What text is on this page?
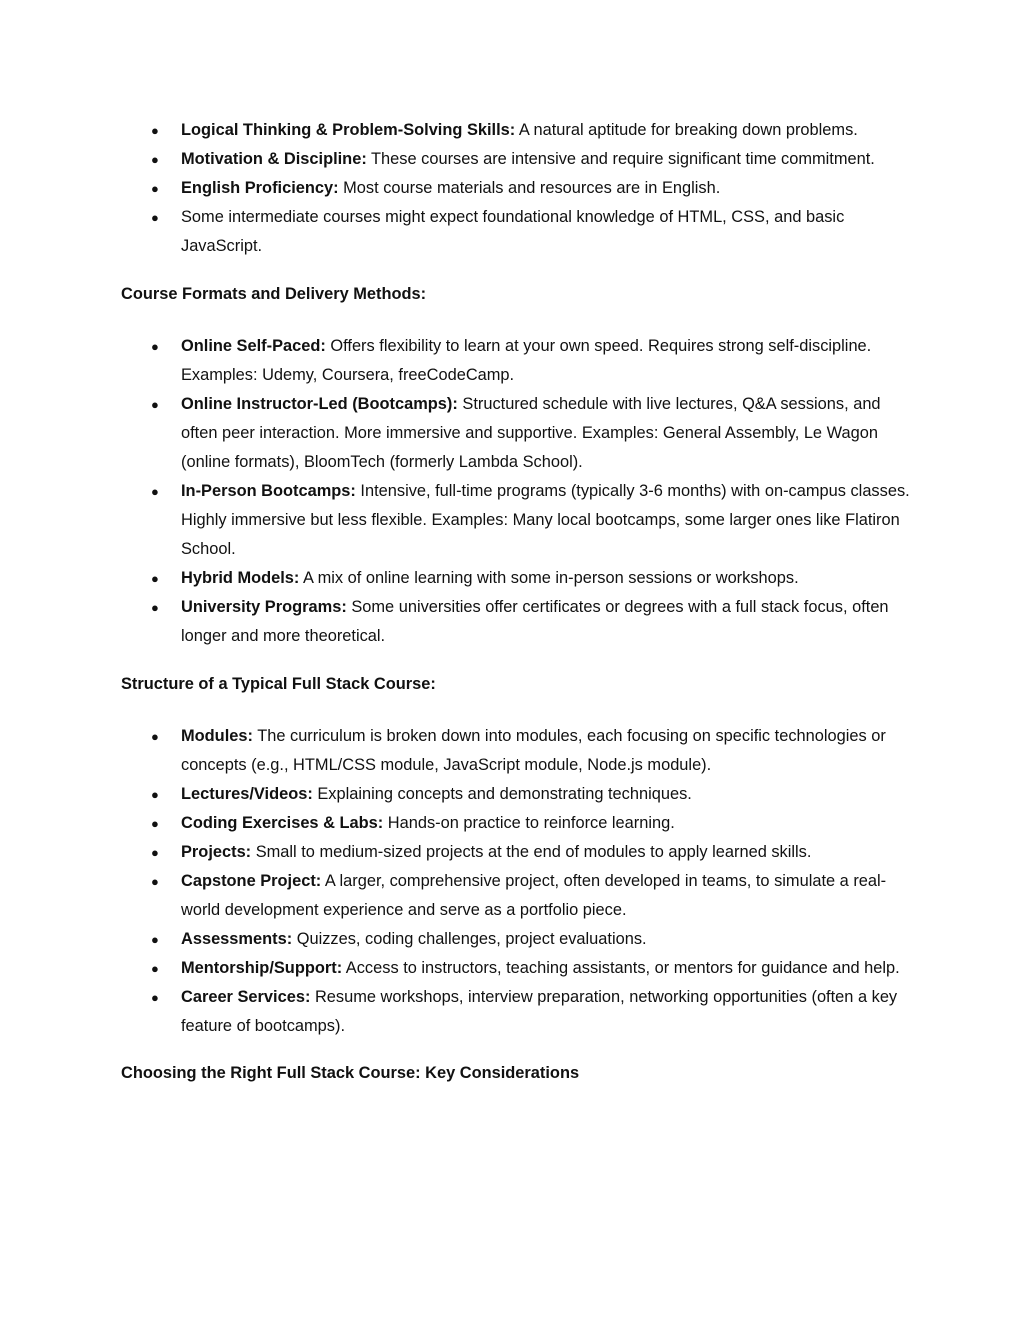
● Logical Thinking & Problem-Solving Skills: A natural aptitude for breaking down problems.
● Motivation & Discipline: These courses are intensive and require significant time commitment.
● English Proficiency: Most course materials and resources are in English.
● Some intermediate courses might expect foundational knowledge of HTML, CSS, and basic JavaScript.
Course Formats and Delivery Methods:
● Online Self-Paced: Offers flexibility to learn at your own speed. Requires strong self-discipline. Examples: Udemy, Coursera, freeCodeCamp.
● Online Instructor-Led (Bootcamps): Structured schedule with live lectures, Q&A sessions, and often peer interaction. More immersive and supportive. Examples: General Assembly, Le Wagon (online formats), BloomTech (formerly Lambda School).
● In-Person Bootcamps: Intensive, full-time programs (typically 3-6 months) with on-campus classes. Highly immersive but less flexible. Examples: Many local bootcamps, some larger ones like Flatiron School.
● Hybrid Models: A mix of online learning with some in-person sessions or workshops.
● University Programs: Some universities offer certificates or degrees with a full stack focus, often longer and more theoretical.
Structure of a Typical Full Stack Course:
● Modules: The curriculum is broken down into modules, each focusing on specific technologies or concepts (e.g., HTML/CSS module, JavaScript module, Node.js module).
● Lectures/Videos: Explaining concepts and demonstrating techniques.
● Coding Exercises & Labs: Hands-on practice to reinforce learning.
● Projects: Small to medium-sized projects at the end of modules to apply learned skills.
● Capstone Project: A larger, comprehensive project, often developed in teams, to simulate a real-world development experience and serve as a portfolio piece.
● Assessments: Quizzes, coding challenges, project evaluations.
● Mentorship/Support: Access to instructors, teaching assistants, or mentors for guidance and help.
● Career Services: Resume workshops, interview preparation, networking opportunities (often a key feature of bootcamps).
Choosing the Right Full Stack Course: Key Considerations
